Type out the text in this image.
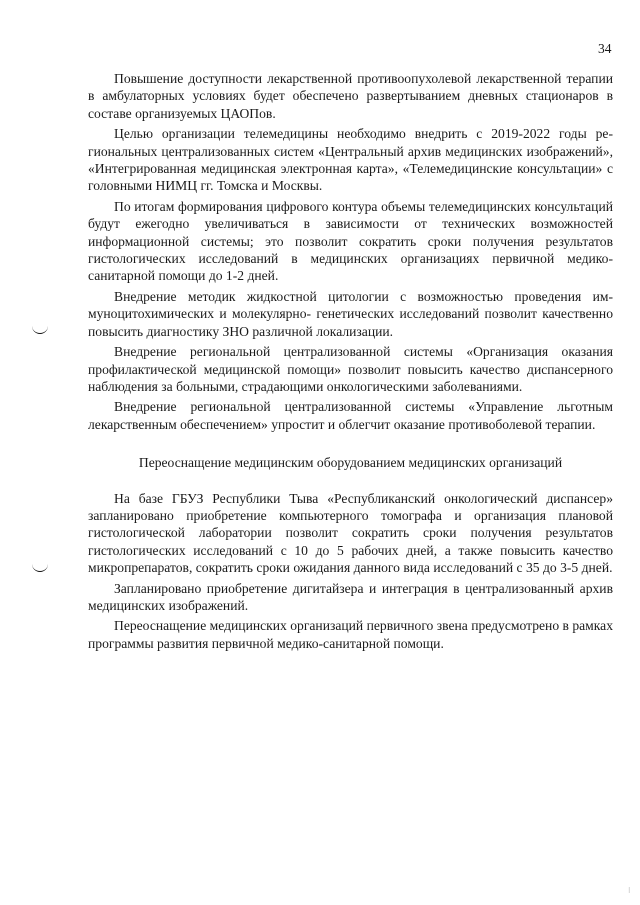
34

Повышение доступности лекарственной противоопухолевой лекарственной терапии в амбулаторных условиях будет обеспечено развертыванием дневных стационаров в составе организуемых ЦАОПов.

Целью организации телемедицины необходимо внедрить с 2019-2022 годы региональных централизованных систем «Центральный архив медицинских изображений», «Интегрированная медицинская электронная карта», «Телемедицинские консультации» с головными НИМЦ гг. Томска и Москвы.

По итогам формирования цифрового контура объемы телемедицинских консультаций будут ежегодно увеличиваться в зависимости от технических возможностей информационной системы; это позволит сократить сроки получения результатов гистологических исследований в медицинских организациях первичной медико-санитарной помощи до 1-2 дней.

Внедрение методик жидкостной цитологии с возможностью проведения иммуноцитохимических и молекулярно- генетических исследований позволит качественно повысить диагностику ЗНО различной локализации.

Внедрение региональной централизованной системы «Организация оказания профилактической медицинской помощи» позволит повысить качество диспансерного наблюдения за больными, страдающими онкологическими заболеваниями.

Внедрение региональной централизованной системы «Управление льготным лекарственным обеспечением» упростит и облегчит оказание противоболевой терапии.

Переоснащение медицинским оборудованием медицинских организаций

На базе ГБУЗ Республики Тыва «Республиканский онкологический диспансер» запланировано приобретение компьютерного томографа и организация плановой гистологической лаборатории позволит сократить сроки получения результатов гистологических исследований с 10 до 5 рабочих дней, а также повысить качество микропрепаратов, сократить сроки ожидания данного вида исследований с 35 до 3-5 дней.

Запланировано приобретение дигитайзера и интеграция в централизованный архив медицинских изображений.

Переоснащение медицинских организаций первичного звена предусмотрено в рамках программы развития первичной медико-санитарной помощи.

⁝
